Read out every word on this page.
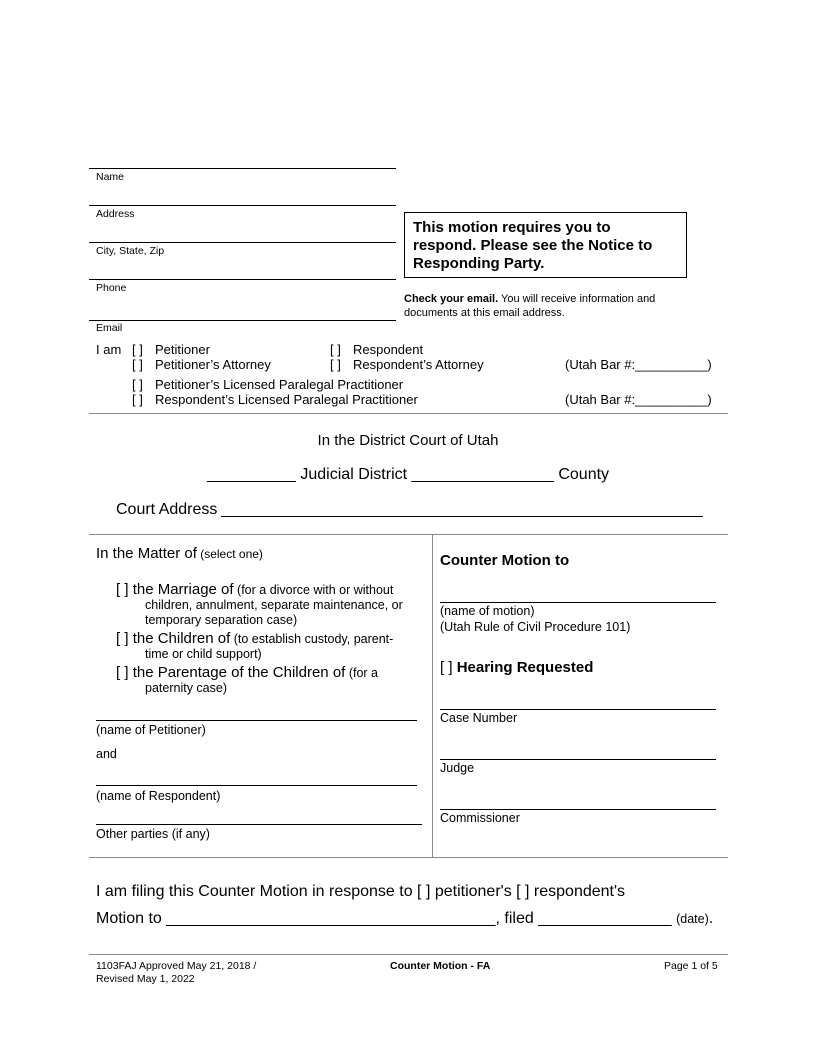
Name
Address
City, State, Zip
Phone
Email
This motion requires you to respond. Please see the Notice to Responding Party.
Check your email. You will receive information and documents at this email address.
I am [ ] Petitioner	[ ] Respondent
[ ] Petitioner’s Attorney	[ ] Respondent’s Attorney	(Utah Bar #:__________)
[ ] Petitioner’s Licensed Paralegal Practitioner
[ ] Respondent’s Licensed Paralegal Practitioner	(Utah Bar #:__________)
In the District Court of Utah
__________ Judicial District ________________ County
Court Address
In the Matter of (select one)
[ ] the Marriage of (for a divorce with or without
children, annulment, separate maintenance, or
temporary separation case)
[ ] the Children of (to establish custody, parent-
time or child support)
[ ] the Parentage of the Children of (for a
paternity case)
(name of Petitioner)
and
(name of Respondent)
Other parties (if any)
Counter Motion to
(name of motion)
(Utah Rule of Civil Procedure 101)
[ ] Hearing Requested
Case Number
Judge
Commissioner
I am filing this Counter Motion in response to [ ] petitioner's [ ] respondent's
Motion to _____________________________________, filed _______________ (date).
1103FAJ Approved May 21, 2018 /
Revised May 1, 2022
Counter Motion - FA	Page 1 of 5
